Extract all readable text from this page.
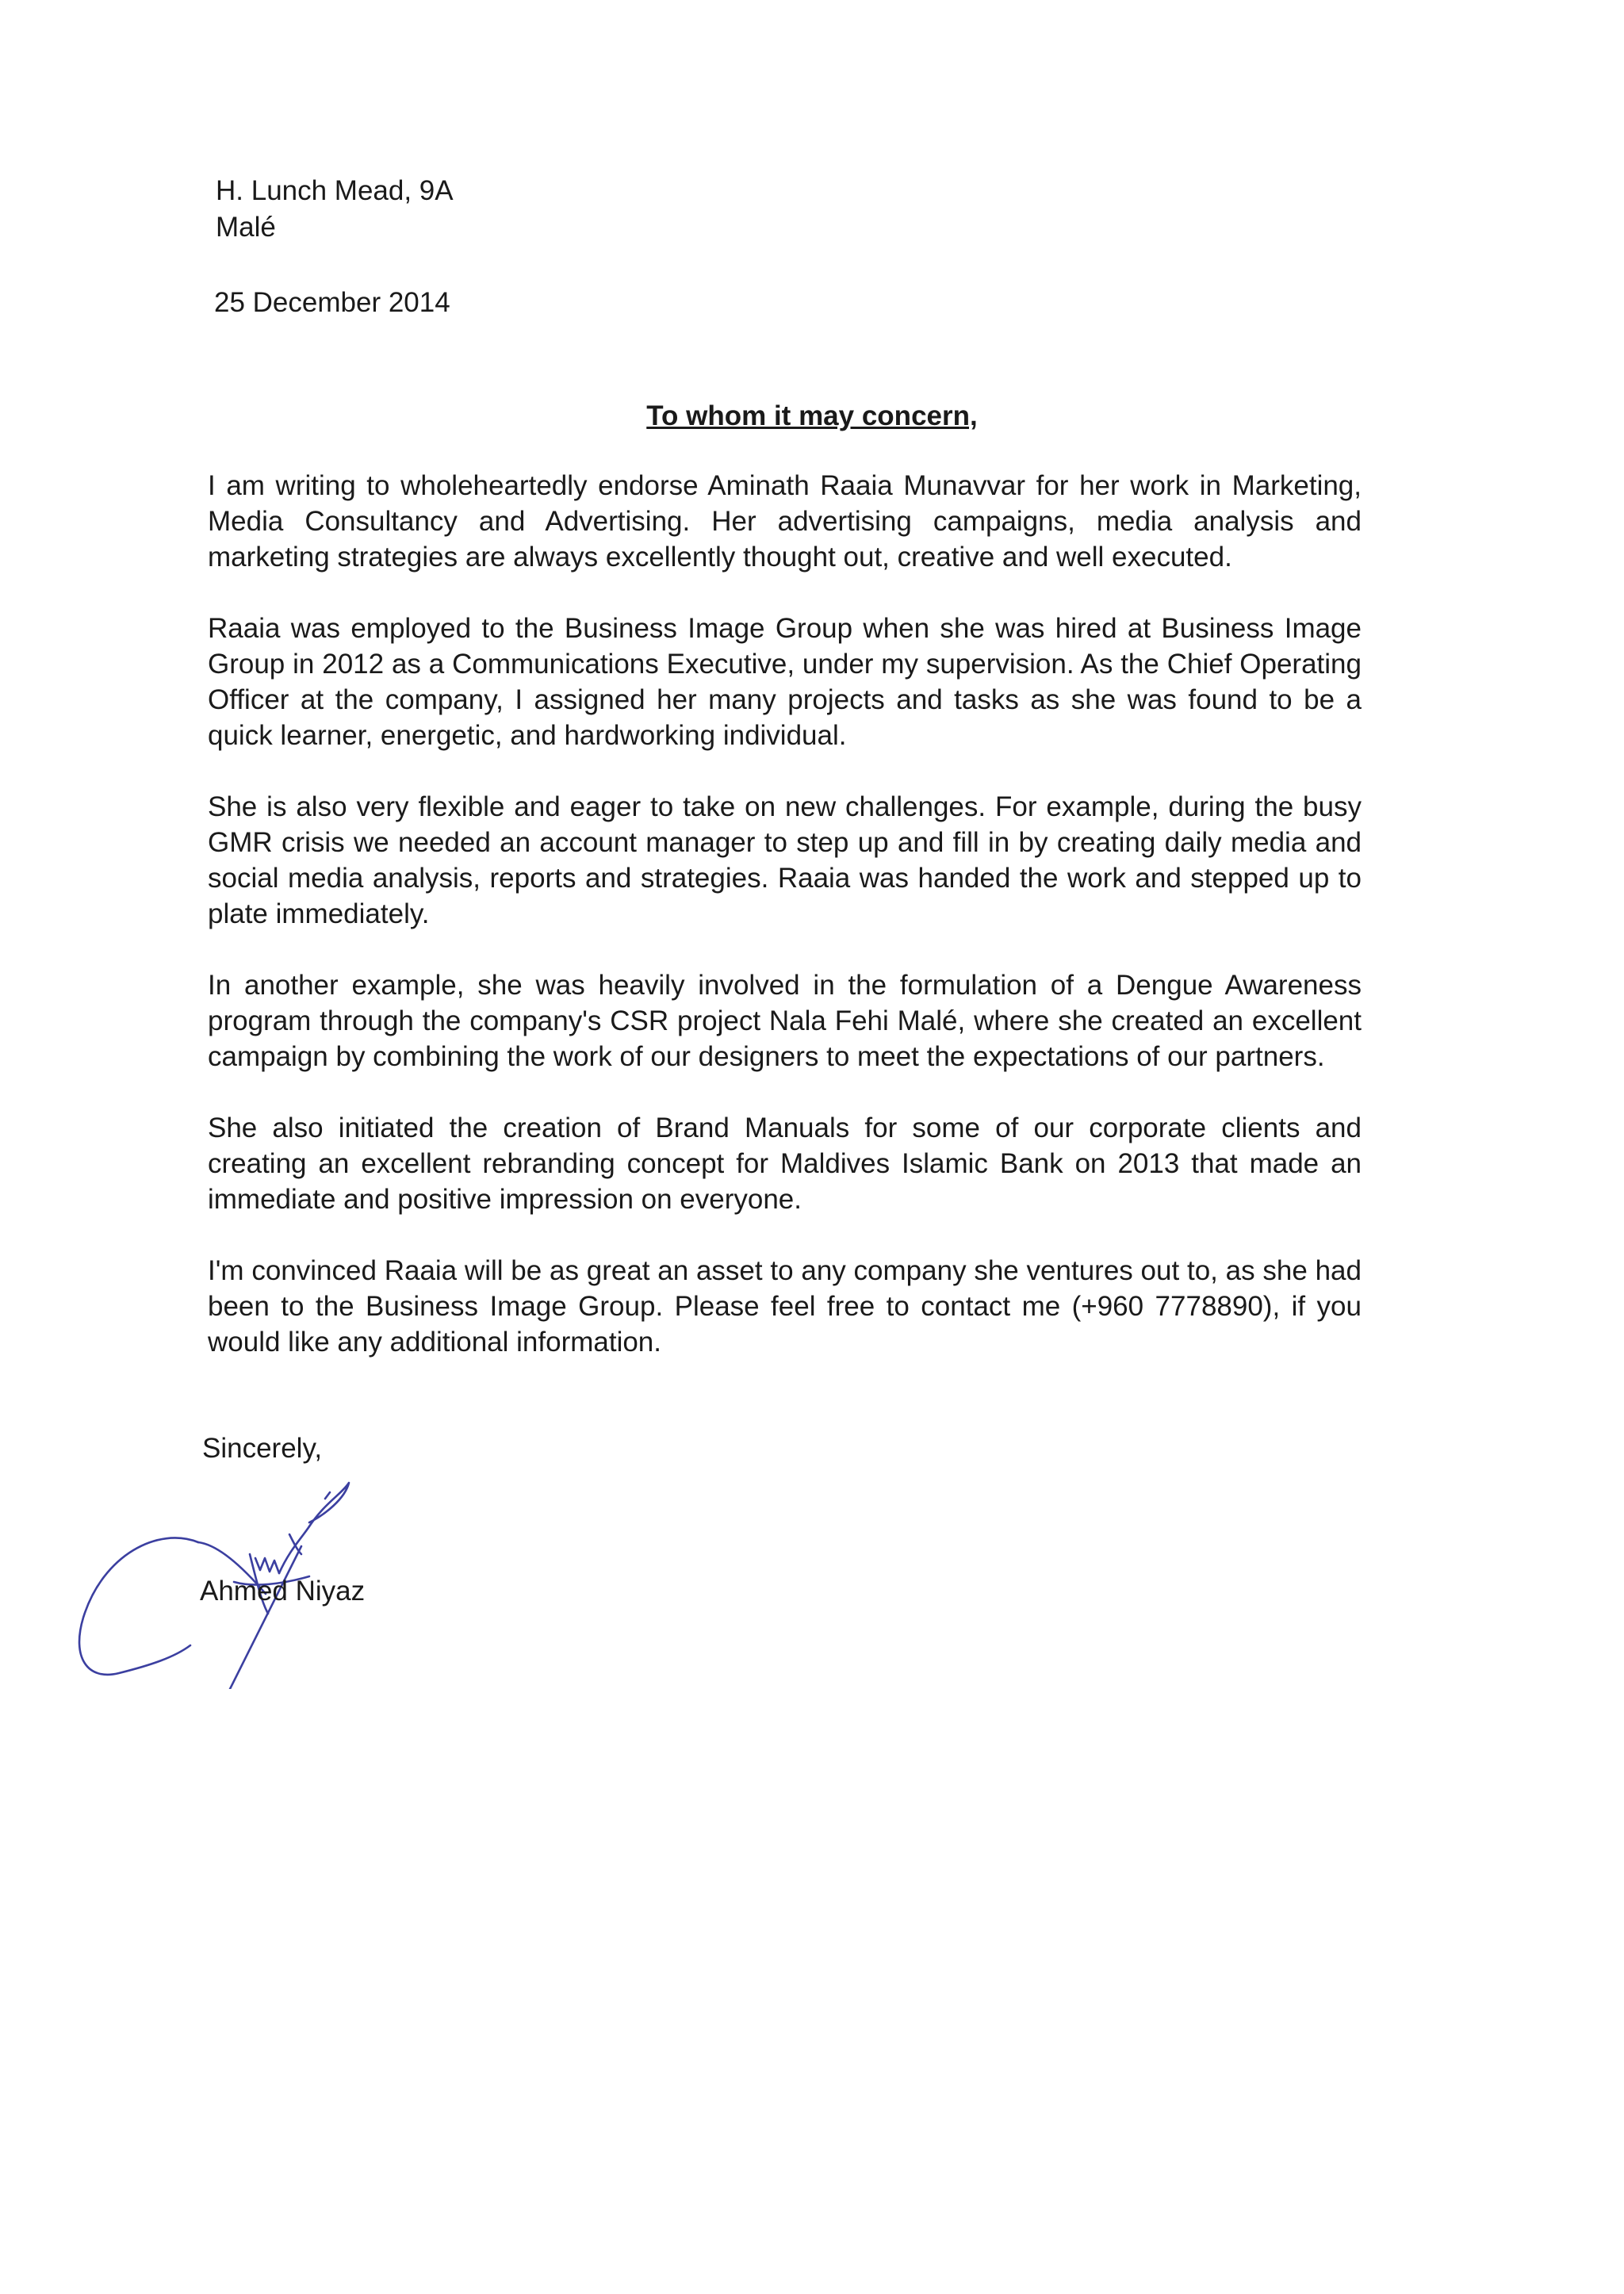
H. Lunch Mead, 9A
Malé
25 December 2014
To whom it may concern,

I am writing to wholeheartedly endorse Aminath Raaia Munavvar for her work in Marketing, Media Consultancy and Advertising. Her advertising campaigns, media analysis and marketing strategies are always excellently thought out, creative and well executed.

Raaia was employed to the Business Image Group when she was hired at Business Image Group in 2012 as a Communications Executive, under my supervision. As the Chief Operating Officer at the company, I assigned her many projects and tasks as she was found to be a quick learner, energetic, and hardworking individual.

She is also very flexible and eager to take on new challenges. For example, during the busy GMR crisis we needed an account manager to step up and fill in by creating daily media and social media analysis, reports and strategies. Raaia was handed the work and stepped up to plate immediately.

In another example, she was heavily involved in the formulation of a Dengue Awareness program through the company's CSR project Nala Fehi Malé, where she created an excellent campaign by combining the work of our designers to meet the expectations of our partners.

She also initiated the creation of Brand Manuals for some of our corporate clients and creating an excellent rebranding concept for Maldives Islamic Bank on 2013 that made an immediate and positive impression on everyone.

I'm convinced Raaia will be as great an asset to any company she ventures out to, as she had been to the Business Image Group. Please feel free to contact me (+960 7778890), if you would like any additional information.

Sincerely,
Ahmed Niyaz
